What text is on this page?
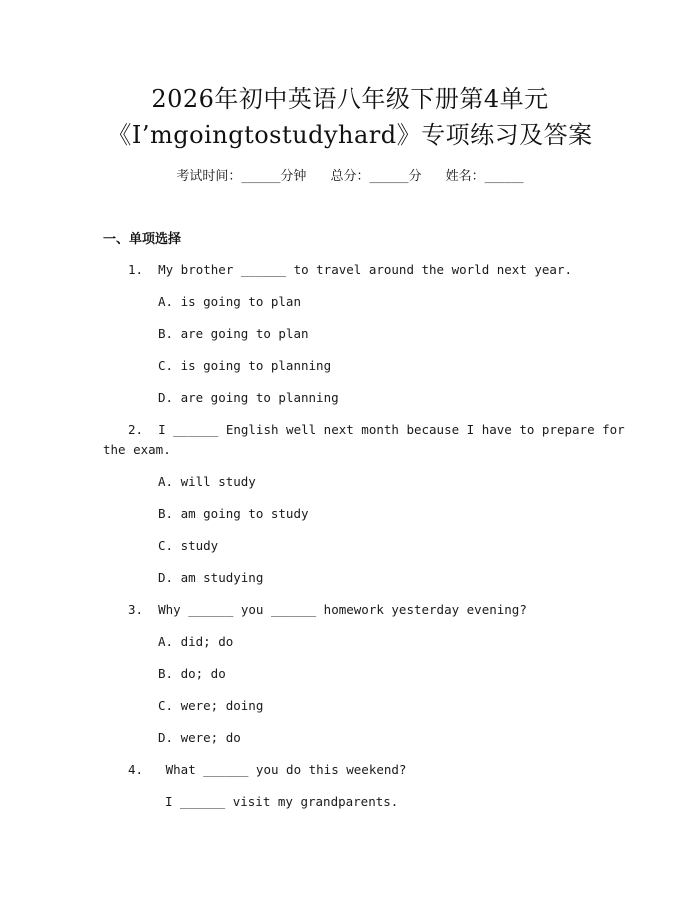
2026年初中英语八年级下册第4单元
《I’mgoingtostudyhard》专项练习及答案
考试时间：______分钟 总分：______分 姓名：______
一、单项选择
1.  My brother ______ to travel around the world next year.
A. is going to plan
B. are going to plan
C. is going to planning
D. are going to planning
2.  I ______ English well next month because I have to prepare for
the exam.
A. will study
B. am going to study
C. study
D. am studying
3.  Why ______ you ______ homework yesterday evening?
A. did; do
B. do; do
C. were; doing
D. were; do
4.   What ______ you do this weekend?
I ______ visit my grandparents.
